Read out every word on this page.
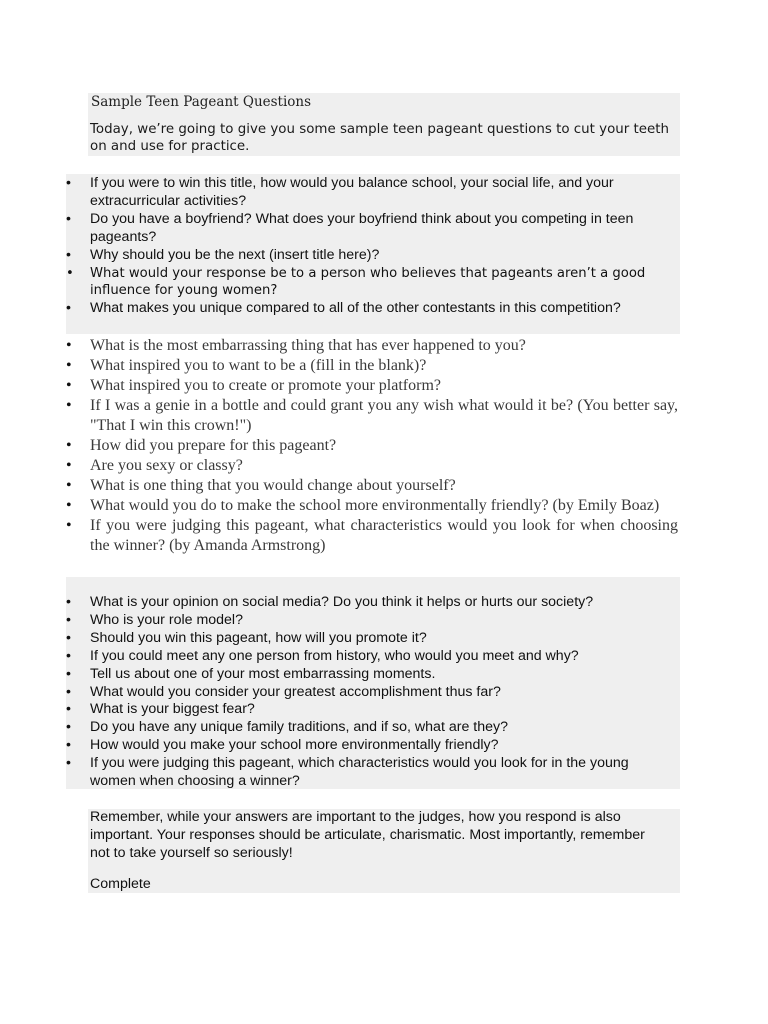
Sample Teen Pageant Questions
Today, we’re going to give you some sample teen pageant questions to cut your teeth on and use for practice.
• If you were to win this title, how would you balance school, your social life, and your extracurricular activities?
• Do you have a boyfriend? What does your boyfriend think about you competing in teen pageants?
• Why should you be the next (insert title here)?
• What would your response be to a person who believes that pageants aren’t a good influence for young women?
• What makes you unique compared to all of the other contestants in this competition?
• What is the most embarrassing thing that has ever happened to you?
• What inspired you to want to be a (fill in the blank)?
• What inspired you to create or promote your platform?
• If I was a genie in a bottle and could grant you any wish what would it be? (You better say, "That I win this crown!")
• How did you prepare for this pageant?
• Are you sexy or classy?
• What is one thing that you would change about yourself?
• What would you do to make the school more environmentally friendly? (by Emily Boaz)
• If you were judging this pageant, what characteristics would you look for when choosing the winner? (by Amanda Armstrong)
• What is your opinion on social media? Do you think it helps or hurts our society?
• Who is your role model?
• Should you win this pageant, how will you promote it?
• If you could meet any one person from history, who would you meet and why?
• Tell us about one of your most embarrassing moments.
• What would you consider your greatest accomplishment thus far?
• What is your biggest fear?
• Do you have any unique family traditions, and if so, what are they?
• How would you make your school more environmentally friendly?
• If you were judging this pageant, which characteristics would you look for in the young women when choosing a winner?
Remember, while your answers are important to the judges, how you respond is also important. Your responses should be articulate, charismatic. Most importantly, remember not to take yourself so seriously!
Complete
